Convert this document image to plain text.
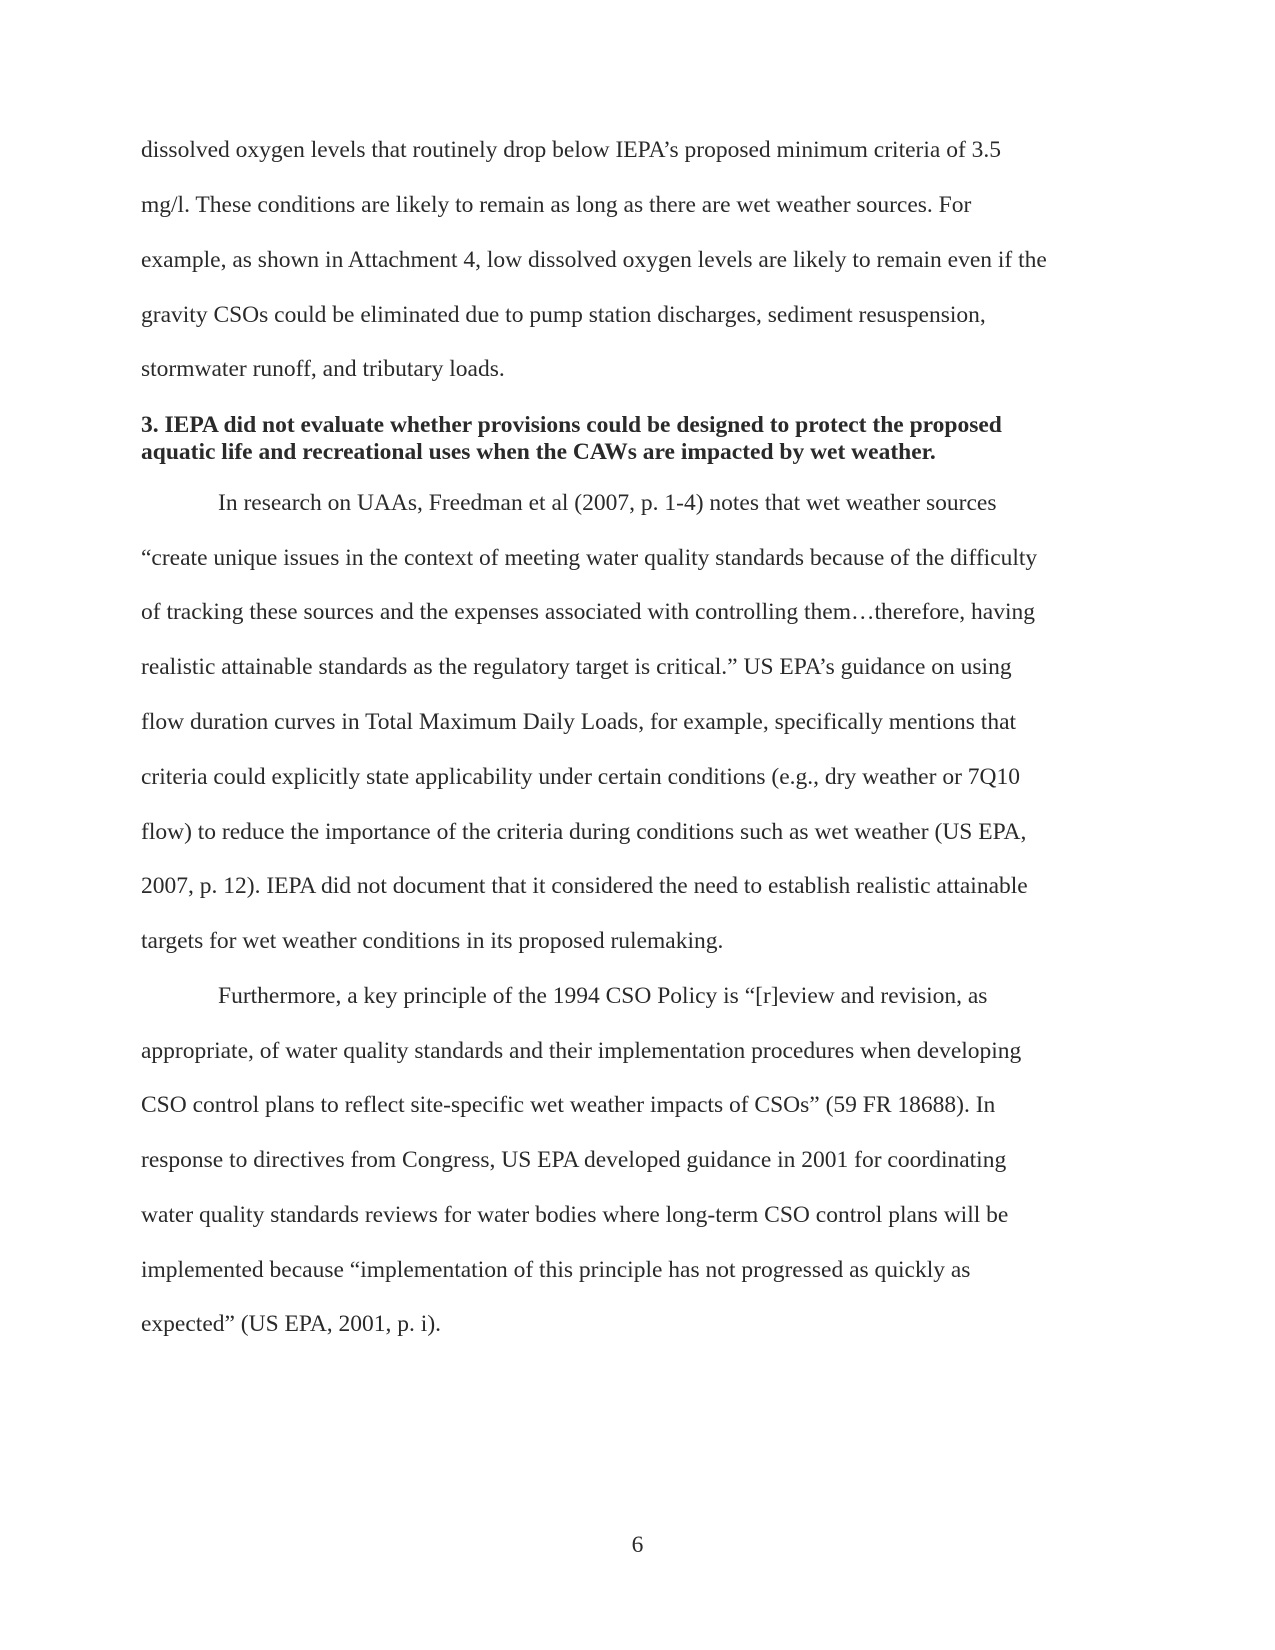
dissolved oxygen levels that routinely drop below IEPA’s proposed minimum criteria of 3.5
mg/l. These conditions are likely to remain as long as there are wet weather sources. For
example, as shown in Attachment 4, low dissolved oxygen levels are likely to remain even if the
gravity CSOs could be eliminated due to pump station discharges, sediment resuspension,
stormwater runoff, and tributary loads.
3. IEPA did not evaluate whether provisions could be designed to protect the proposed
aquatic life and recreational uses when the CAWs are impacted by wet weather.
In research on UAAs, Freedman et al (2007, p. 1-4) notes that wet weather sources
“create unique issues in the context of meeting water quality standards because of the difficulty
of tracking these sources and the expenses associated with controlling them…therefore, having
realistic attainable standards as the regulatory target is critical.” US EPA’s guidance on using
flow duration curves in Total Maximum Daily Loads, for example, specifically mentions that
criteria could explicitly state applicability under certain conditions (e.g., dry weather or 7Q10
flow) to reduce the importance of the criteria during conditions such as wet weather (US EPA,
2007, p. 12). IEPA did not document that it considered the need to establish realistic attainable
targets for wet weather conditions in its proposed rulemaking.
Furthermore, a key principle of the 1994 CSO Policy is “[r]eview and revision, as
appropriate, of water quality standards and their implementation procedures when developing
CSO control plans to reflect site-specific wet weather impacts of CSOs” (59 FR 18688). In
response to directives from Congress, US EPA developed guidance in 2001 for coordinating
water quality standards reviews for water bodies where long-term CSO control plans will be
implemented because “implementation of this principle has not progressed as quickly as
expected” (US EPA, 2001, p. i).
6
